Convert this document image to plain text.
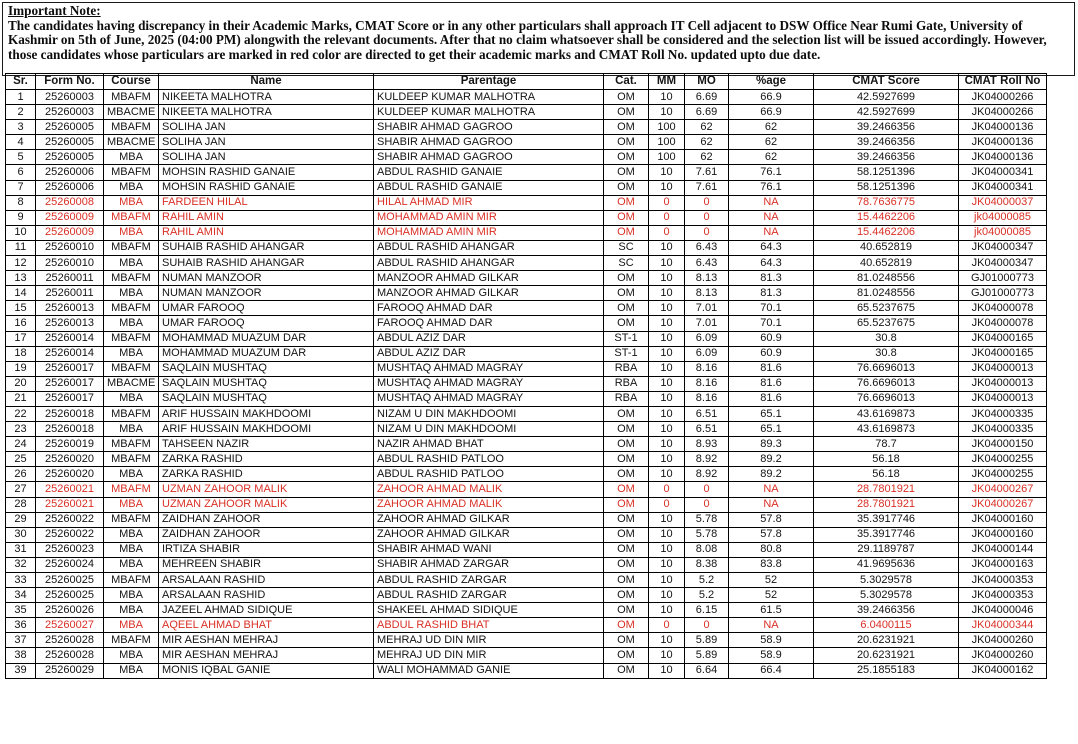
Important Note:
The candidates having discrepancy in their Academic Marks, CMAT Score or in any other particulars shall approach IT Cell adjacent to DSW Office Near Rumi Gate, University of Kashmir on 5th of June, 2025 (04:00 PM) alongwith the relevant documents. After that no claim whatsoever shall be considered and the selection list will be issued accordingly. However, those candidates whose particulars are marked in red color are directed to get their academic marks and CMAT Roll No. updated upto due date.
Sr.	Form No.	Course	Name	Parentage	Cat.	MM	MO	%age	CMAT Score	CMAT Roll No
1	25260003	MBAFM	NIKEETA MALHOTRA	KULDEEP KUMAR MALHOTRA	OM	10	6.69	66.9	42.5927699	JK04000266
2	25260003	MBACME	NIKEETA MALHOTRA	KULDEEP KUMAR MALHOTRA	OM	10	6.69	66.9	42.5927699	JK04000266
3	25260005	MBAFM	SOLIHA JAN	SHABIR AHMAD GAGROO	OM	100	62	62	39.2466356	JK04000136
4	25260005	MBACME	SOLIHA JAN	SHABIR AHMAD GAGROO	OM	100	62	62	39.2466356	JK04000136
5	25260005	MBA	SOLIHA JAN	SHABIR AHMAD GAGROO	OM	100	62	62	39.2466356	JK04000136
6	25260006	MBAFM	MOHSIN RASHID GANAIE	ABDUL RASHID GANAIE	OM	10	7.61	76.1	58.1251396	JK04000341
7	25260006	MBA	MOHSIN RASHID GANAIE	ABDUL RASHID GANAIE	OM	10	7.61	76.1	58.1251396	JK04000341
8	25260008	MBA	FARDEEN HILAL	HILAL AHMAD MIR	OM	0	0	NA	78.7636775	JK04000037
9	25260009	MBAFM	RAHIL AMIN	MOHAMMAD AMIN MIR	OM	0	0	NA	15.4462206	jk04000085
10	25260009	MBA	RAHIL AMIN	MOHAMMAD AMIN MIR	OM	0	0	NA	15.4462206	jk04000085
11	25260010	MBAFM	SUHAIB RASHID AHANGAR	ABDUL RASHID AHANGAR	SC	10	6.43	64.3	40.652819	JK04000347
12	25260010	MBA	SUHAIB RASHID AHANGAR	ABDUL RASHID AHANGAR	SC	10	6.43	64.3	40.652819	JK04000347
13	25260011	MBAFM	NUMAN MANZOOR	MANZOOR AHMAD GILKAR	OM	10	8.13	81.3	81.0248556	GJ01000773
14	25260011	MBA	NUMAN MANZOOR	MANZOOR AHMAD GILKAR	OM	10	8.13	81.3	81.0248556	GJ01000773
15	25260013	MBAFM	UMAR FAROOQ	FAROOQ AHMAD DAR	OM	10	7.01	70.1	65.5237675	JK04000078
16	25260013	MBA	UMAR FAROOQ	FAROOQ AHMAD DAR	OM	10	7.01	70.1	65.5237675	JK04000078
17	25260014	MBAFM	MOHAMMAD MUAZUM DAR	ABDUL AZIZ DAR	ST-1	10	6.09	60.9	30.8	JK04000165
18	25260014	MBA	MOHAMMAD MUAZUM DAR	ABDUL AZIZ DAR	ST-1	10	6.09	60.9	30.8	JK04000165
19	25260017	MBAFM	SAQLAIN MUSHTAQ	MUSHTAQ AHMAD MAGRAY	RBA	10	8.16	81.6	76.6696013	JK04000013
20	25260017	MBACME	SAQLAIN MUSHTAQ	MUSHTAQ AHMAD MAGRAY	RBA	10	8.16	81.6	76.6696013	JK04000013
21	25260017	MBA	SAQLAIN MUSHTAQ	MUSHTAQ AHMAD MAGRAY	RBA	10	8.16	81.6	76.6696013	JK04000013
22	25260018	MBAFM	ARIF HUSSAIN MAKHDOOMI	NIZAM U DIN MAKHDOOMI	OM	10	6.51	65.1	43.6169873	JK04000335
23	25260018	MBA	ARIF HUSSAIN MAKHDOOMI	NIZAM U DIN MAKHDOOMI	OM	10	6.51	65.1	43.6169873	JK04000335
24	25260019	MBAFM	TAHSEEN NAZIR	NAZIR AHMAD BHAT	OM	10	8.93	89.3	78.7	JK04000150
25	25260020	MBAFM	ZARKA RASHID	ABDUL RASHID PATLOO	OM	10	8.92	89.2	56.18	JK04000255
26	25260020	MBA	ZARKA RASHID	ABDUL RASHID PATLOO	OM	10	8.92	89.2	56.18	JK04000255
27	25260021	MBAFM	UZMAN ZAHOOR MALIK	ZAHOOR AHMAD MALIK	OM	0	0	NA	28.7801921	JK04000267
28	25260021	MBA	UZMAN ZAHOOR MALIK	ZAHOOR AHMAD MALIK	OM	0	0	NA	28.7801921	JK04000267
29	25260022	MBAFM	ZAIDHAN ZAHOOR	ZAHOOR AHMAD GILKAR	OM	10	5.78	57.8	35.3917746	JK04000160
30	25260022	MBA	ZAIDHAN ZAHOOR	ZAHOOR AHMAD GILKAR	OM	10	5.78	57.8	35.3917746	JK04000160
31	25260023	MBA	IRTIZA SHABIR	SHABIR AHMAD WANI	OM	10	8.08	80.8	29.1189787	JK04000144
32	25260024	MBA	MEHREEN SHABIR	SHABIR AHMAD ZARGAR	OM	10	8.38	83.8	41.9695636	JK04000163
33	25260025	MBAFM	ARSALAAN RASHID	ABDUL RASHID ZARGAR	OM	10	5.2	52	5.3029578	JK04000353
34	25260025	MBA	ARSALAAN RASHID	ABDUL RASHID ZARGAR	OM	10	5.2	52	5.3029578	JK04000353
35	25260026	MBA	JAZEEL AHMAD SIDIQUE	SHAKEEL AHMAD SIDIQUE	OM	10	6.15	61.5	39.2466356	JK04000046
36	25260027	MBA	AQEEL AHMAD BHAT	ABDUL RASHID BHAT	OM	0	0	NA	6.0400115	JK04000344
37	25260028	MBAFM	MIR AESHAN MEHRAJ	MEHRAJ UD DIN MIR	OM	10	5.89	58.9	20.6231921	JK04000260
38	25260028	MBA	MIR AESHAN MEHRAJ	MEHRAJ UD DIN MIR	OM	10	5.89	58.9	20.6231921	JK04000260
39	25260029	MBA	MONIS IQBAL GANIE	WALI MOHAMMAD GANIE	OM	10	6.64	66.4	25.1855183	JK04000162
